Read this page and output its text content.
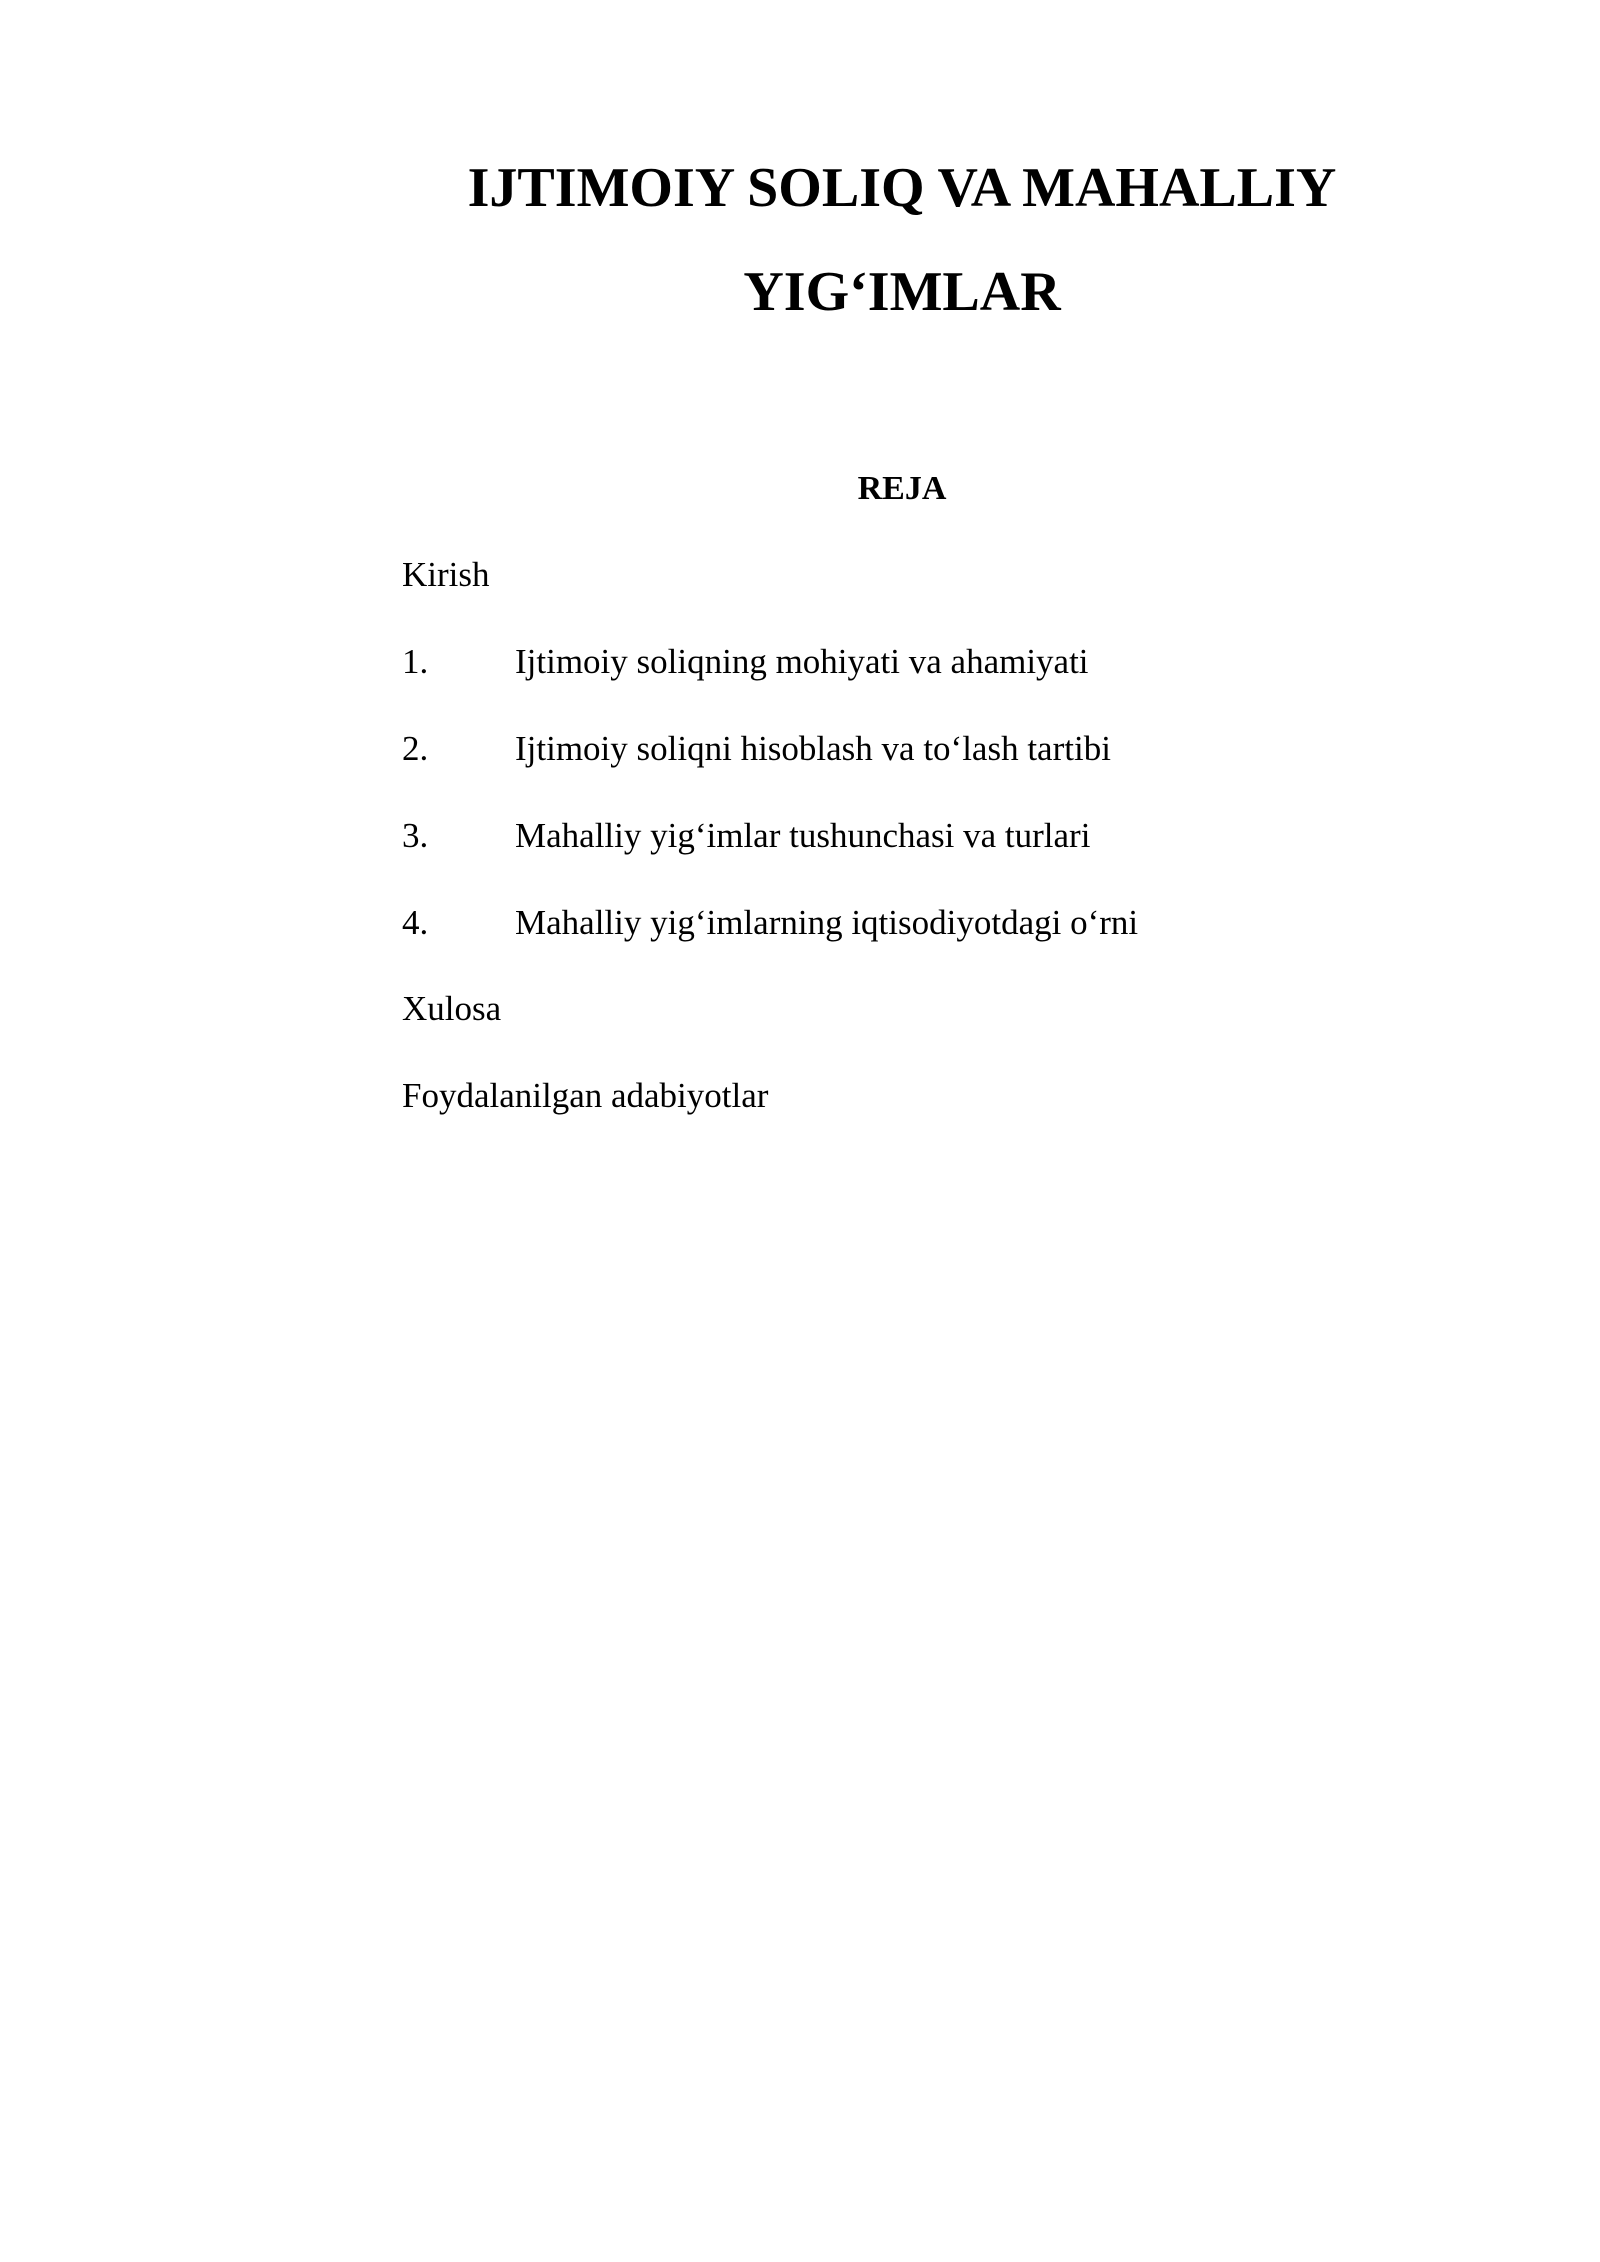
IJTIMOIY SOLIQ VA MAHALLIY
YIG‘IMLAR
REJA

Kirish

1. Ijtimoiy soliqning mohiyati va ahamiyati

2. Ijtimoiy soliqni hisoblash va to‘lash tartibi

3. Mahalliy yig‘imlar tushunchasi va turlari

4. Mahalliy yig‘imlarning iqtisodiyotdagi o‘rni

Xulosa

Foydalanilgan adabiyotlar
